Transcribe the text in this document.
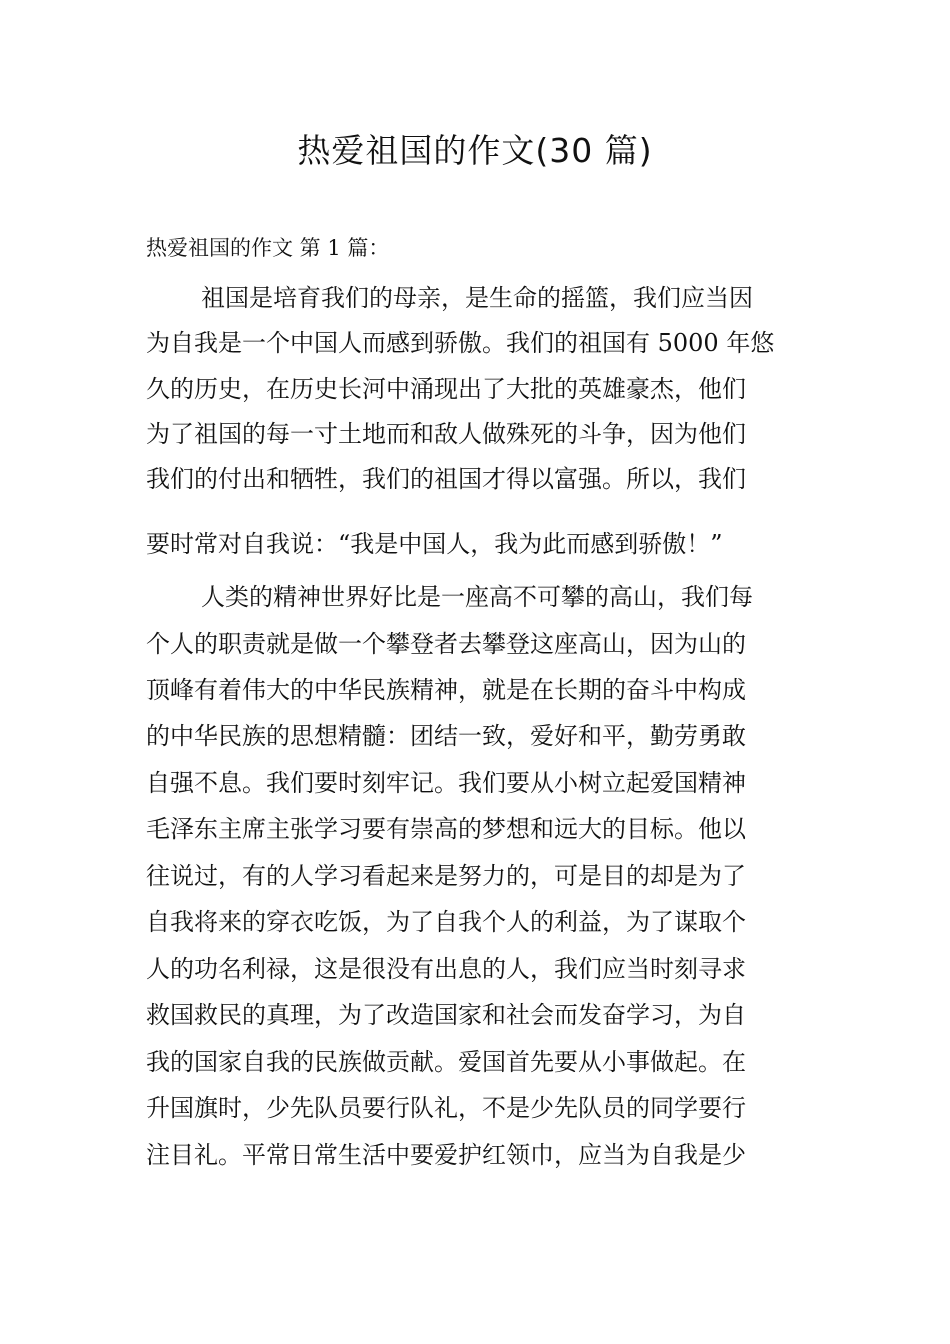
热爱祖国的作文(30 篇)
热爱祖国的作文 第 1 篇：
祖国是培育我们的母亲，是生命的摇篮，我们应当因
为自我是一个中国人而感到骄傲。我们的祖国有 5000 年悠
久的历史，在历史长河中涌现出了大批的英雄豪杰，他们
为了祖国的每一寸土地而和敌人做殊死的斗争，因为他们
我们的付出和牺牲，我们的祖国才得以富强。所以，我们
要时常对自我说：“我是中国人，我为此而感到骄傲！”
人类的精神世界好比是一座高不可攀的高山，我们每
个人的职责就是做一个攀登者去攀登这座高山，因为山的
顶峰有着伟大的中华民族精神，就是在长期的奋斗中构成
的中华民族的思想精髓：团结一致，爱好和平，勤劳勇敢
自强不息。我们要时刻牢记。我们要从小树立起爱国精神
毛泽东主席主张学习要有崇高的梦想和远大的目标。他以
往说过，有的人学习看起来是努力的，可是目的却是为了
自我将来的穿衣吃饭，为了自我个人的利益，为了谋取个
人的功名利禄，这是很没有出息的人，我们应当时刻寻求
救国救民的真理，为了改造国家和社会而发奋学习，为自
我的国家自我的民族做贡献。爱国首先要从小事做起。在
升国旗时，少先队员要行队礼，不是少先队员的同学要行
注目礼。平常日常生活中要爱护红领巾，应当为自我是少
